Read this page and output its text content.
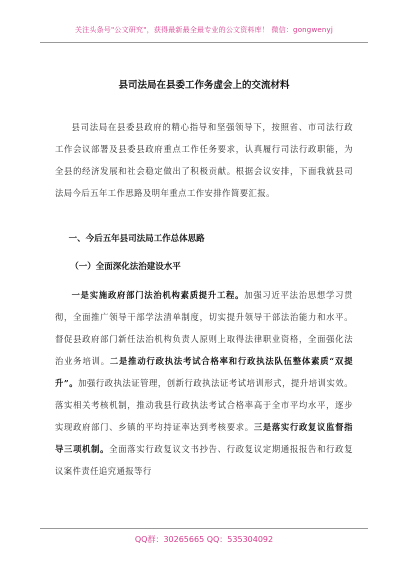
关注头条号"公文研究"，获得最新最全最专业的公文资料库！ 微信：gongwenyj
县司法局在县委工作务虚会上的交流材料

县司法局在县委县政府的精心指导和坚强领导下，按照省、市司法行政工作会议部署及县委县政府重点工作任务要求，认真履行司法行政职能，为全县的经济发展和社会稳定做出了积极贡献。根据会议安排，下面我就县司法局今后五年工作思路及明年重点工作安排作简要汇报。

一、今后五年县司法局工作总体思路

（一）全面深化法治建设水平

一是实施政府部门法治机构素质提升工程。加强习近平法治思想学习贯彻，全面推广领导干部学法清单制度，切实提升领导干部法治能力和水平。督促县政府部门新任法治机构负责人原则上取得法律职业资格，全面强化法治业务培训。二是推动行政执法考试合格率和行政执法队伍整体素质“双提升”。加强行政执法证管理，创新行政执法证考试培训形式，提升培训实效。落实相关考核机制，推动我县行政执法考试合格率高于全市平均水平，逐步实现政府部门、乡镇的平均持证率达到考核要求。三是落实行政复议监督指导三项机制。全面落实行政复议文书抄告、行政复议定期通报报告和行政复议案件责任追究通报等行

QQ群：30265665 QQ：535304092
